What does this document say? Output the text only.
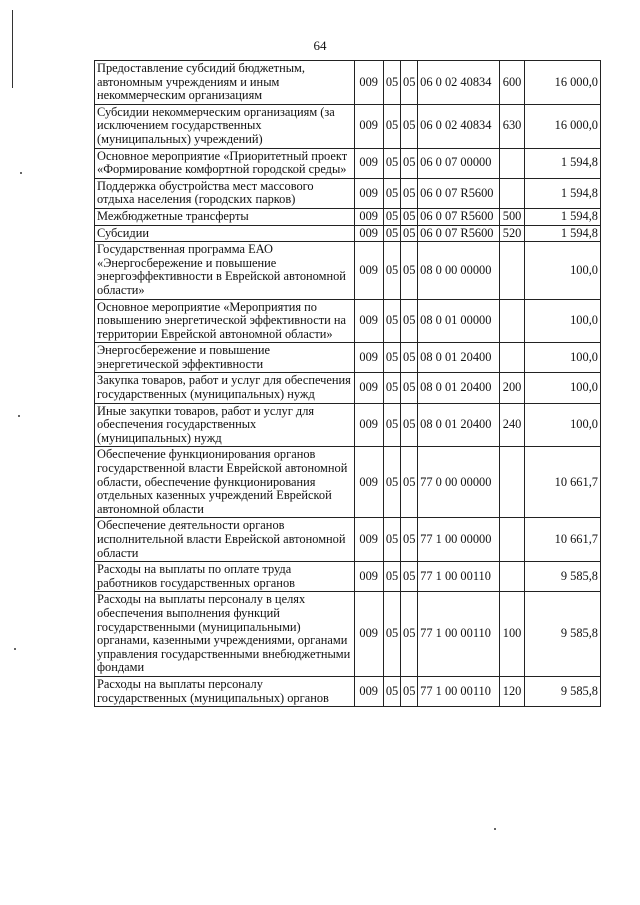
64
Предоставление субсидий бюджетным, автономным учреждениям и иным некоммерческим организациям	009	05	05	06 0 02 40834	600	16 000,0
Субсидии некоммерческим организациям (за исключением государственных (муниципальных) учреждений)	009	05	05	06 0 02 40834	630	16 000,0
Основное мероприятие «Приоритетный проект «Формирование комфортной городской среды»	009	05	05	06 0 07 00000		1 594,8
Поддержка обустройства мест массового отдыха населения (городских парков)	009	05	05	06 0 07 R5600		1 594,8
Межбюджетные трансферты	009	05	05	06 0 07 R5600	500	1 594,8
Субсидии	009	05	05	06 0 07 R5600	520	1 594,8
Государственная программа ЕАО «Энергосбережение и повышение энергоэффективности в Еврейской автономной области»	009	05	05	08 0 00 00000		100,0
Основное мероприятие «Мероприятия по повышению энергетической эффективности на территории Еврейской автономной области»	009	05	05	08 0 01 00000		100,0
Энергосбережение и повышение энергетической эффективности	009	05	05	08 0 01 20400		100,0
Закупка товаров, работ и услуг для обеспечения государственных (муниципальных) нужд	009	05	05	08 0 01 20400	200	100,0
Иные закупки товаров, работ и услуг для обеспечения государственных (муниципальных) нужд	009	05	05	08 0 01 20400	240	100,0
Обеспечение функционирования органов государственной власти Еврейской автономной области, обеспечение функционирования отдельных казенных учреждений Еврейской автономной области	009	05	05	77 0 00 00000		10 661,7
Обеспечение деятельности органов исполнительной власти Еврейской автономной области	009	05	05	77 1 00 00000		10 661,7
Расходы на выплаты по оплате труда работников государственных органов	009	05	05	77 1 00 00110		9 585,8
Расходы на выплаты персоналу в целях обеспечения выполнения функций государственными (муниципальными) органами, казенными учреждениями, органами управления государственными внебюджетными фондами	009	05	05	77 1 00 00110	100	9 585,8
Расходы на выплаты персоналу государственных (муниципальных) органов	009	05	05	77 1 00 00110	120	9 585,8
